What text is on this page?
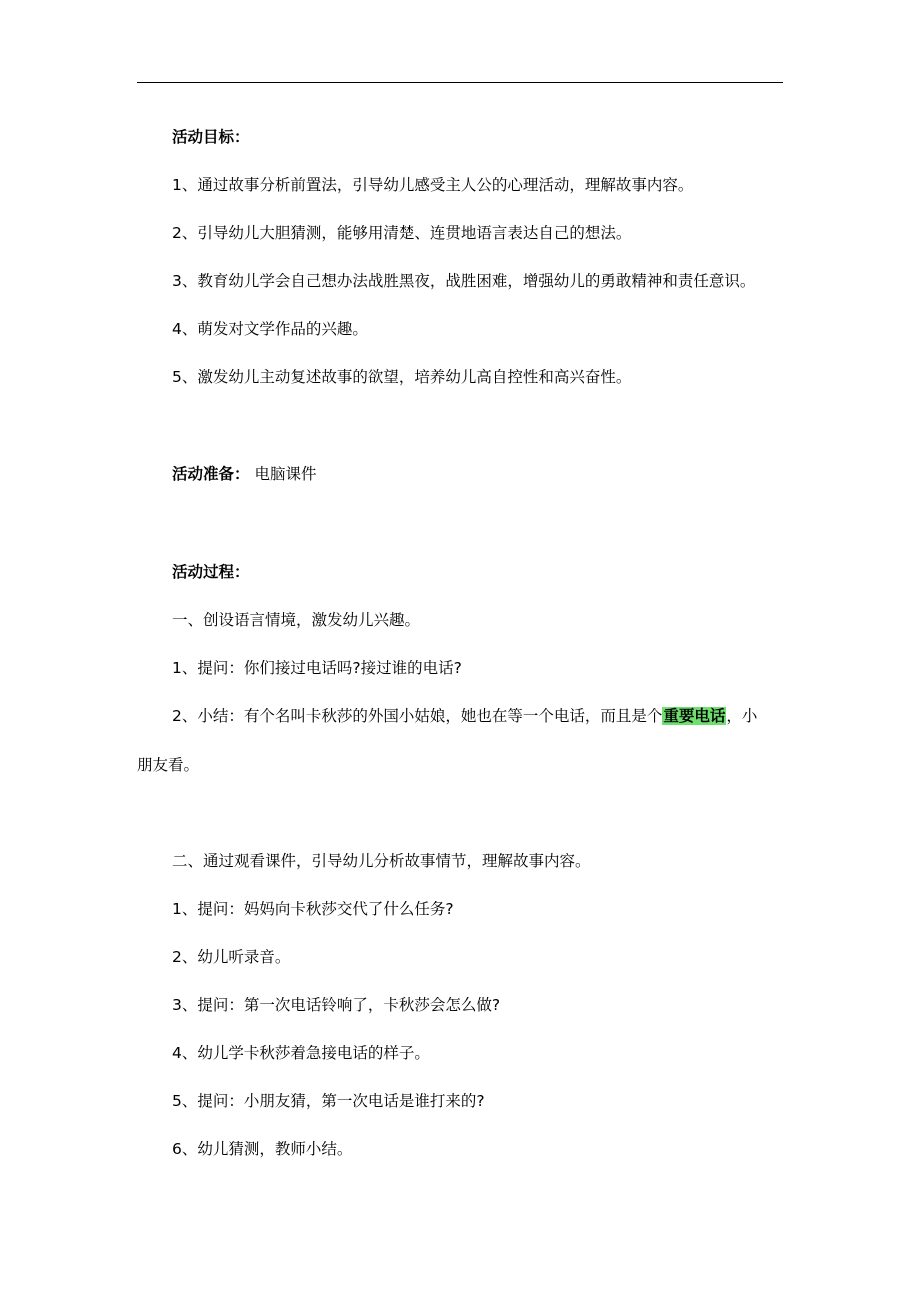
活动目标：
1、通过故事分析前置法，引导幼儿感受主人公的心理活动，理解故事内容。
2、引导幼儿大胆猜测，能够用清楚、连贯地语言表达自己的想法。
3、教育幼儿学会自己想办法战胜黑夜，战胜困难，增强幼儿的勇敢精神和责任意识。
4、萌发对文学作品的兴趣。
5、激发幼儿主动复述故事的欲望，培养幼儿高自控性和高兴奋性。
活动准备： 电脑课件
活动过程：
一、创设语言情境，激发幼儿兴趣。
1、提问：你们接过电话吗?接过谁的电话?
2、小结：有个名叫卡秋莎的外国小姑娘，她也在等一个电话，而且是个重要电话，小
朋友看。
二、通过观看课件，引导幼儿分析故事情节，理解故事内容。
1、提问：妈妈向卡秋莎交代了什么任务?
2、幼儿听录音。
3、提问：第一次电话铃响了，卡秋莎会怎么做?
4、幼儿学卡秋莎着急接电话的样子。
5、提问：小朋友猜，第一次电话是谁打来的?
6、幼儿猜测，教师小结。
